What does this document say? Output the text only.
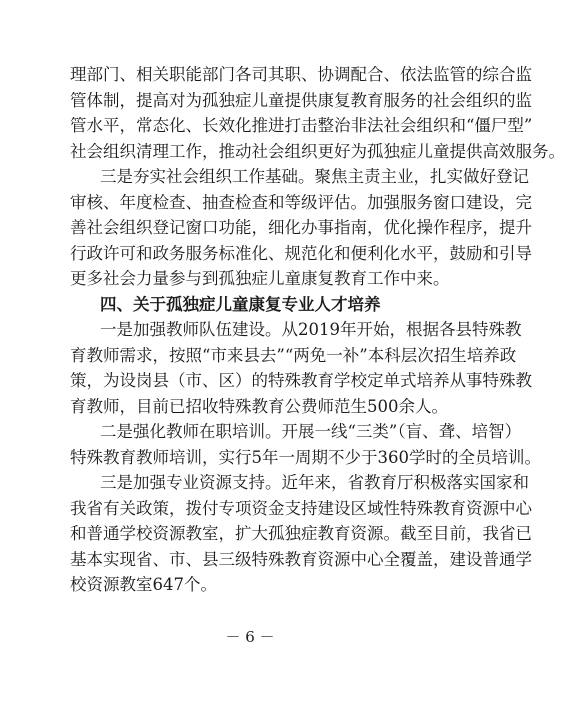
理部门、相关职能部门各司其职、协调配合、依法监管的综合监
管体制，提高对为孤独症儿童提供康复教育服务的社会组织的监
管水平，常态化、长效化推进打击整治非法社会组织和“僵尸型”
社会组织清理工作，推动社会组织更好为孤独症儿童提供高效服务。
三是夯实社会组织工作基础。聚焦主责主业，扎实做好登记
审核、年度检查、抽查检查和等级评估。加强服务窗口建设，完
善社会组织登记窗口功能，细化办事指南，优化操作程序，提升
行政许可和政务服务标准化、规范化和便利化水平，鼓励和引导
更多社会力量参与到孤独症儿童康复教育工作中来。
四、关于孤独症儿童康复专业人才培养
一是加强教师队伍建设。从2019年开始，根据各县特殊教
育教师需求，按照“市来县去”“两免一补”本科层次招生培养政
策，为设岗县（市、区）的特殊教育学校定单式培养从事特殊教
育教师，目前已招收特殊教育公费师范生500余人。
二是强化教师在职培训。开展一线“三类”（盲、聋、培智）
特殊教育教师培训，实行5年一周期不少于360学时的全员培训。
三是加强专业资源支持。近年来，省教育厅积极落实国家和
我省有关政策，拨付专项资金支持建设区域性特殊教育资源中心
和普通学校资源教室，扩大孤独症教育资源。截至目前，我省已
基本实现省、市、县三级特殊教育资源中心全覆盖，建设普通学
校资源教室647个。
－ 6 －
